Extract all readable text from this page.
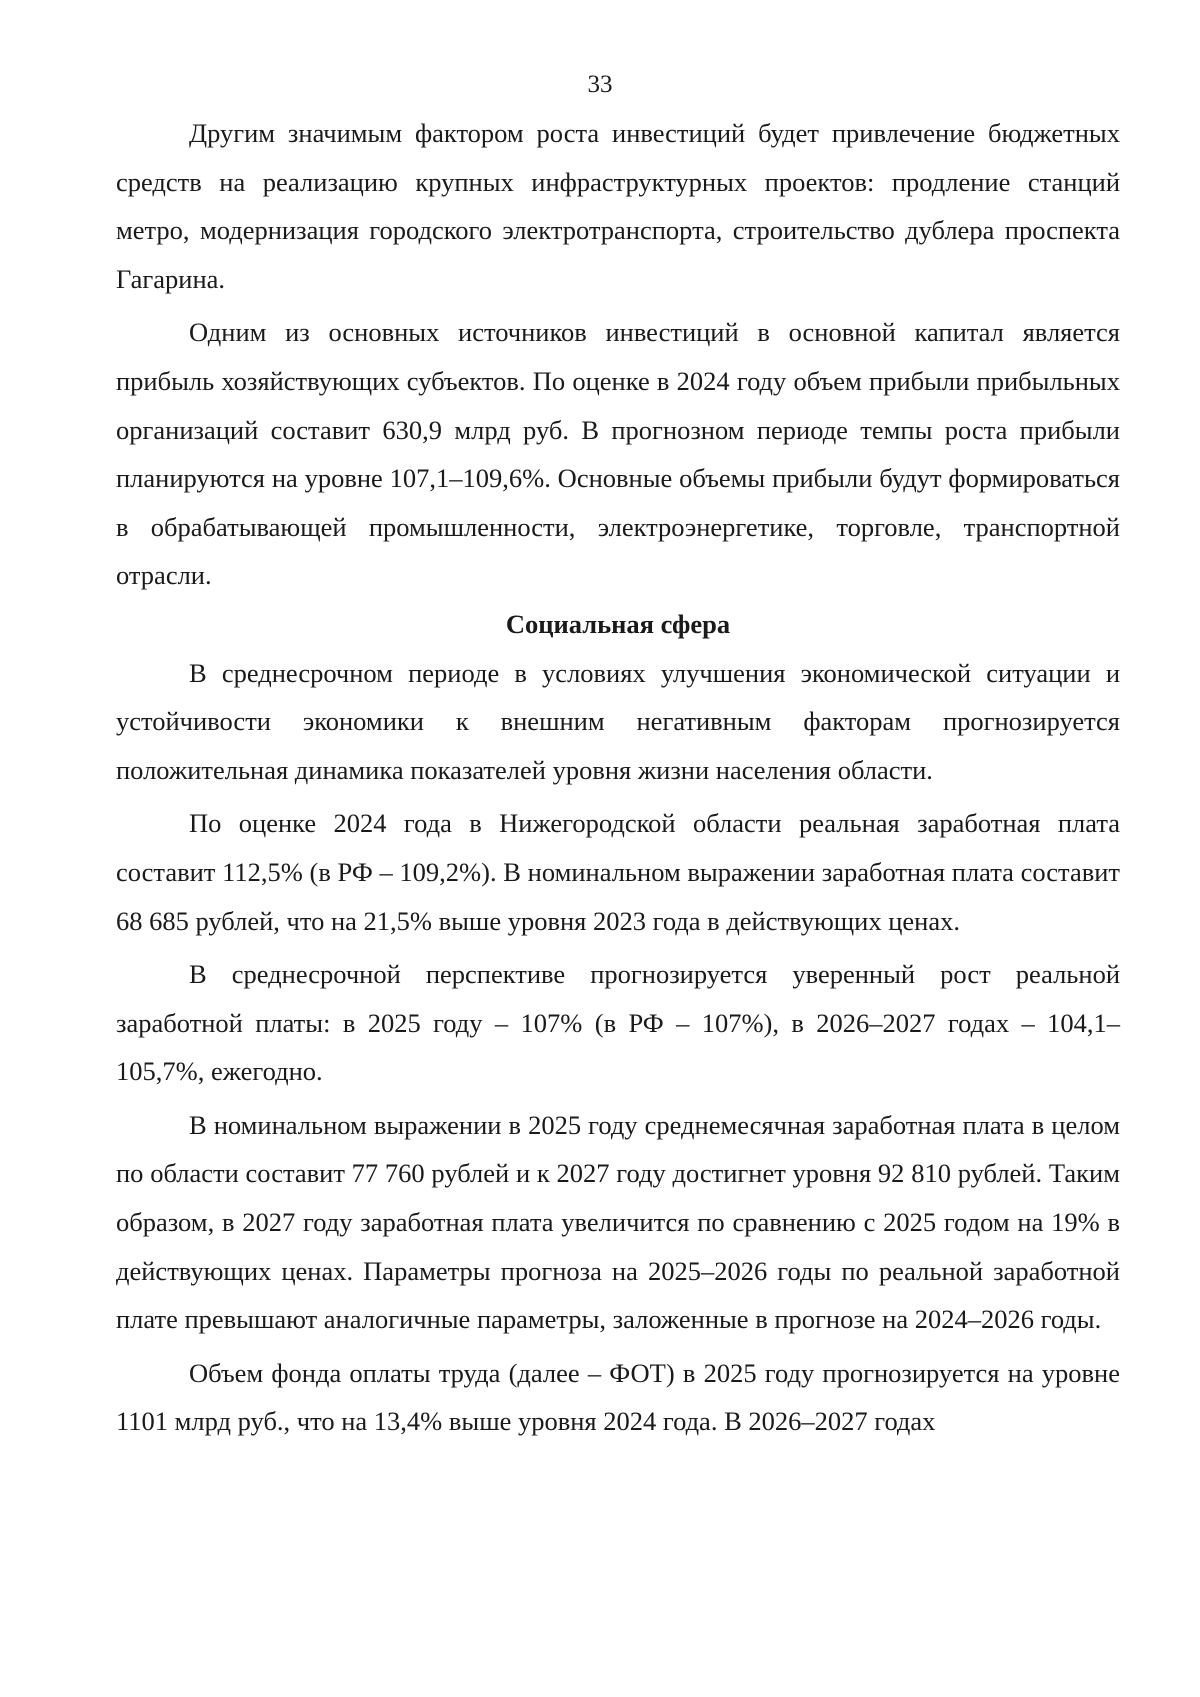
33

Другим значимым фактором роста инвестиций будет привлечение бюджетных средств на реализацию крупных инфраструктурных проектов: продление станций метро, модернизация городского электротранспорта, строительство дублера проспекта Гагарина.

Одним из основных источников инвестиций в основной капитал является прибыль хозяйствующих субъектов. По оценке в 2024 году объем прибыли прибыльных организаций составит 630,9 млрд руб. В прогнозном периоде темпы роста прибыли планируются на уровне 107,1–109,6%. Основные объемы прибыли будут формироваться в обрабатывающей промышленности, электроэнергетике, торговле, транспортной отрасли.

Социальная сфера

В среднесрочном периоде в условиях улучшения экономической ситуации и устойчивости экономики к внешним негативным факторам прогнозируется положительная динамика показателей уровня жизни населения области.

По оценке 2024 года в Нижегородской области реальная заработная плата составит 112,5% (в РФ – 109,2%). В номинальном выражении заработная плата составит 68 685 рублей, что на 21,5% выше уровня 2023 года в действующих ценах.

В среднесрочной перспективе прогнозируется уверенный рост реальной заработной платы: в 2025 году – 107% (в РФ – 107%), в 2026–2027 годах – 104,1–105,7%, ежегодно.

В номинальном выражении в 2025 году среднемесячная заработная плата в целом по области составит 77 760 рублей и к 2027 году достигнет уровня 92 810 рублей. Таким образом, в 2027 году заработная плата увеличится по сравнению с 2025 годом на 19% в действующих ценах. Параметры прогноза на 2025–2026 годы по реальной заработной плате превышают аналогичные параметры, заложенные в прогнозе на 2024–2026 годы.

Объем фонда оплаты труда (далее – ФОТ) в 2025 году прогнозируется на уровне 1101 млрд руб., что на 13,4% выше уровня 2024 года. В 2026–2027 годах
